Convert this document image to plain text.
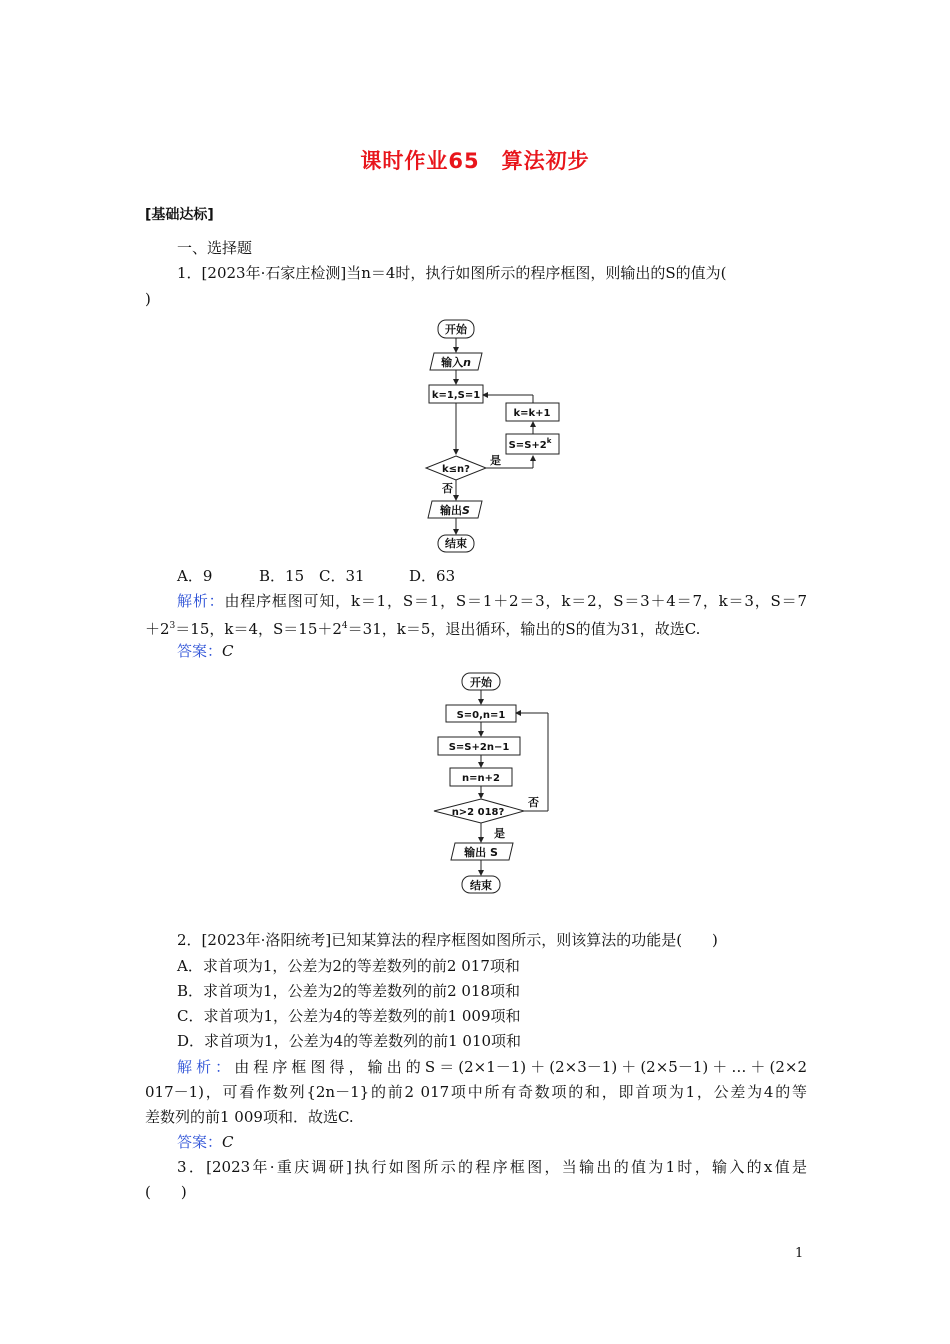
课时作业65　算法初步
[基础达标]
一、选择题
1．[2023年·石家庄检测]当n＝4时，执行如图所示的程序框图，则输出的S的值为(
)
开始
输入n
k=1,S=1
k=k+1
$S=S+2^k$
k≤n?
是
否
输出S
结束
A．9	B．15 C．31	D．63
解析：由程序框图可知，k＝1，S＝1，S＝1＋2＝3，k＝2，S＝3＋4＝7，k＝3，S＝7
$+2^3=15$，k＝4，$S=15+2^4=31$，k＝5，退出循环，输出的S的值为31，故选C.
答案：C
开始
S=0,n=1
S=S+2n−1
n=n+2
n>2 018?
否
是
输出 S
结束
2．[2023年·洛阳统考]已知某算法的程序框图如图所示，则该算法的功能是(　　)
A．求首项为1，公差为2的等差数列的前2 017项和
B．求首项为1，公差为2的等差数列的前2 018项和
C．求首项为1，公差为4的等差数列的前1 009项和
D．求首项为1，公差为4的等差数列的前1 010项和
解析：由程序框图得，输出的S＝(2×1－1)＋(2×3－1)＋(2×5－1)＋…＋(2×2
017－1)，可看作数列{2n－1}的前2 017项中所有奇数项的和，即首项为1，公差为4的等
差数列的前1 009项和．故选C.
答案：C
3．[2023年·重庆调研]执行如图所示的程序框图，当输出的值为1时，输入的x值是
(　　)
1
